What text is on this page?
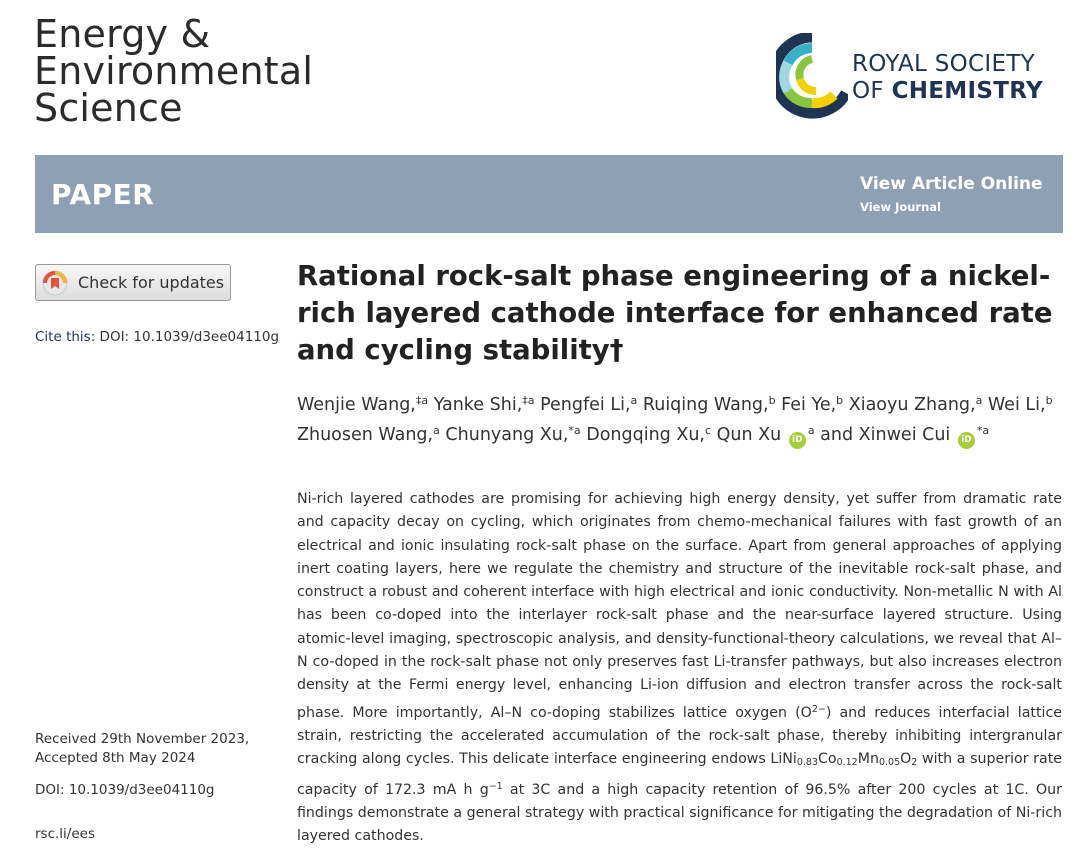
Energy &
Environmental
Science
ROYAL SOCIETY
OF CHEMISTRY
PAPER	View Article Online
View Journal
Check for updates
Cite this: DOI: 10.1039/d3ee04110g
Received 29th November 2023,
Accepted 8th May 2024
DOI: 10.1039/d3ee04110g
rsc.li/ees
Rational rock-salt phase engineering of a nickel-rich layered cathode interface for enhanced rate and cycling stability†
Wenjie Wang,$^{\ddagger a}$ Yanke Shi,$^{\ddagger a}$ Pengfei Li,$^a$ Ruiqing Wang,$^b$ Fei Ye,$^b$ Xiaoyu Zhang,$^a$ Wei Li,$^b$ Zhuosen Wang,$^a$ Chunyang Xu,$^{*a}$ Dongqing Xu,$^c$ Qun Xu $iD^a$ and Xinwei Cui $iD^{*a}$
Ni-rich layered cathodes are promising for achieving high energy density, yet suffer from dramatic rate and capacity decay on cycling, which originates from chemo-mechanical failures with fast growth of an electrical and ionic insulating rock-salt phase on the surface. Apart from general approaches of applying inert coating layers, here we regulate the chemistry and structure of the inevitable rock-salt phase, and construct a robust and coherent interface with high electrical and ionic conductivity. Non-metallic N with Al has been co-doped into the interlayer rock-salt phase and the near-surface layered structure. Using atomic-level imaging, spectroscopic analysis, and density-functional-theory calculations, we reveal that Al–N co-doped in the rock-salt phase not only preserves fast Li-transfer pathways, but also increases electron density at the Fermi energy level, enhancing Li-ion diffusion and electron transfer across the rock-salt phase. More importantly, Al–N co-doping stabilizes lattice oxygen $(O^{2-})$ and reduces interfacial lattice strain, restricting the accelerated accumulation of the rock-salt phase, thereby inhibiting intergranular cracking along cycles. This delicate interface engineering endows $LiNi_{0.83}Co_{0.12}Mn_{0.05}O_2$ with a superior rate capacity of 172.3 mA h $g^{-1}$ at 3C and a high capacity retention of 96.5% after 200 cycles at 1C. Our findings demonstrate a general strategy with practical significance for mitigating the degradation of Ni-rich layered cathodes.
